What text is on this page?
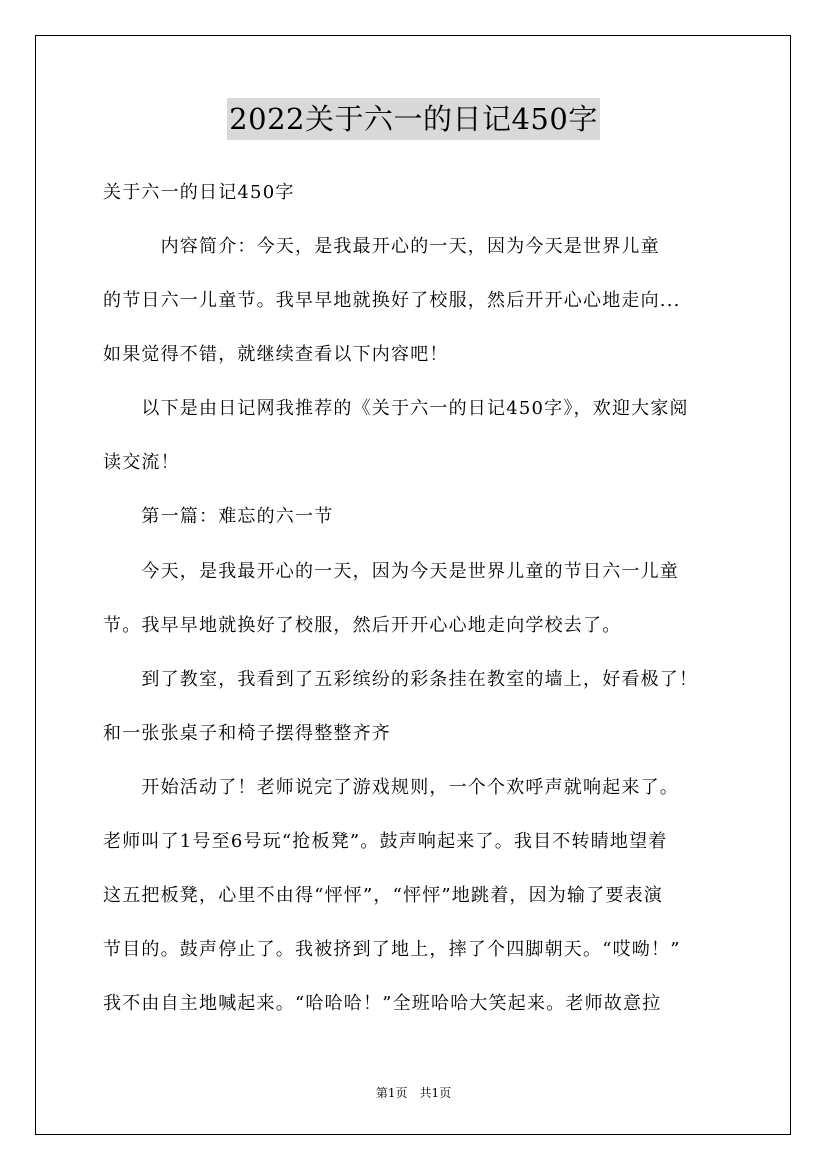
2022关于六一的日记450字
关于六一的日记450字
　　　内容简介：今天，是我最开心的一天，因为今天是世界儿童
的节日六一儿童节。我早早地就换好了校服，然后开开心心地走向...
如果觉得不错，就继续查看以下内容吧！
　　以下是由日记网我推荐的《关于六一的日记450字》，欢迎大家阅
读交流！
　　第一篇：难忘的六一节
　　今天，是我最开心的一天，因为今天是世界儿童的节日六一儿童
节。我早早地就换好了校服，然后开开心心地走向学校去了。
　　到了教室，我看到了五彩缤纷的彩条挂在教室的墙上，好看极了！
和一张张桌子和椅子摆得整整齐齐
　　开始活动了！老师说完了游戏规则，一个个欢呼声就响起来了。
老师叫了1号至6号玩“抢板凳”。鼓声响起来了。我目不转睛地望着
这五把板凳，心里不由得“怦怦”，“怦怦”地跳着，因为输了要表演
节目的。鼓声停止了。我被挤到了地上，摔了个四脚朝天。“哎呦！”
我不由自主地喊起来。“哈哈哈！”全班哈哈大笑起来。老师故意拉
第1页　共1页
